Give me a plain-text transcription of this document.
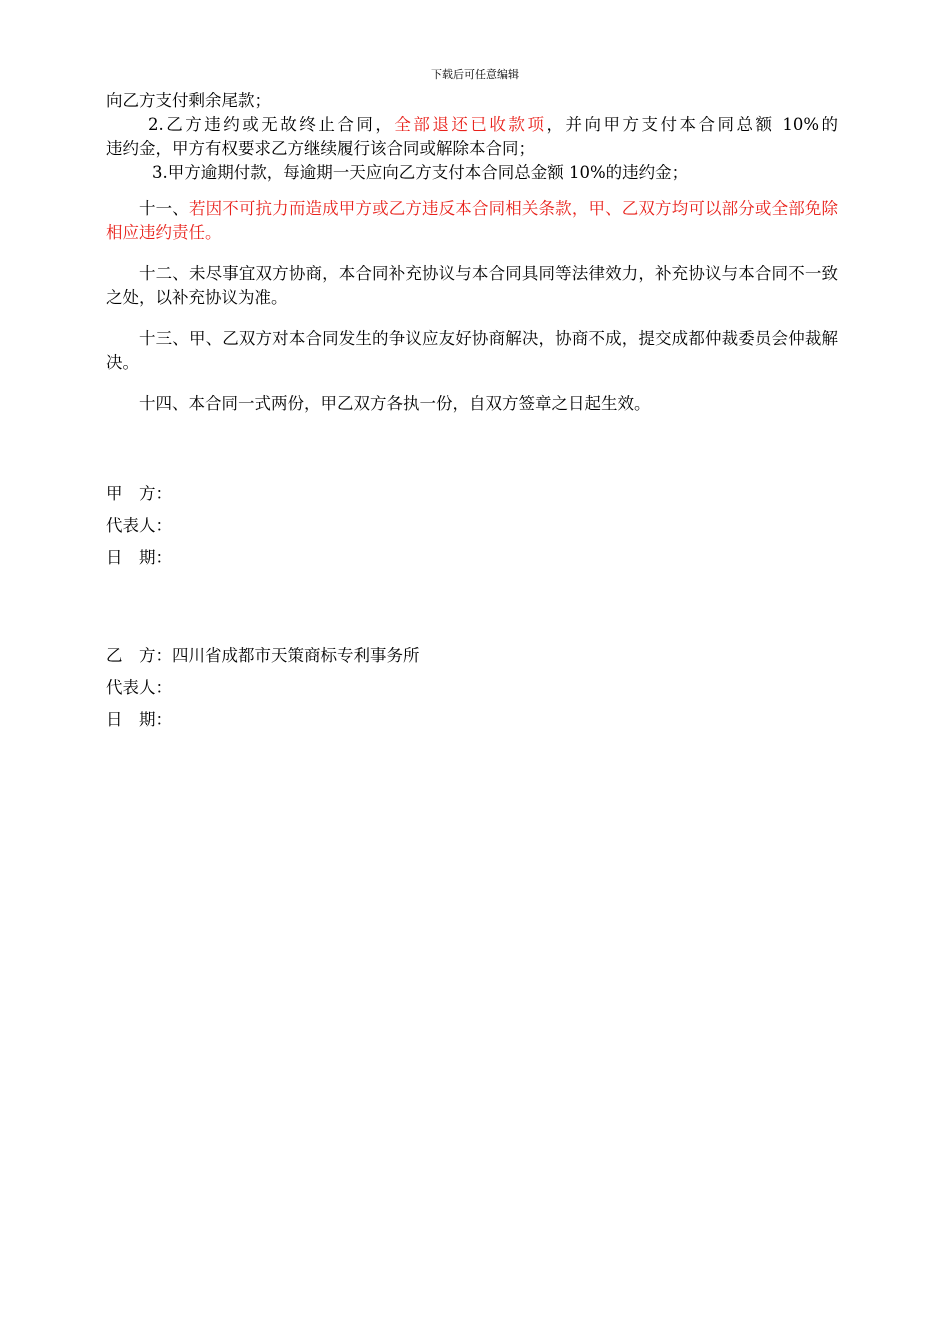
下载后可任意编辑
向乙方支付剩余尾款；
2.乙方违约或无故终止合同，全部退还已收款项，并向甲方支付本合同总额 10%的
违约金，甲方有权要求乙方继续履行该合同或解除本合同；
3.甲方逾期付款，每逾期一天应向乙方支付本合同总金额 10%的违约金；
十一、若因不可抗力而造成甲方或乙方违反本合同相关条款，甲、乙双方均可以部分或全部免除相应违约责任。
十二、未尽事宜双方协商，本合同补充协议与本合同具同等法律效力，补充协议与本合同不一致之处，以补充协议为准。
十三、甲、乙双方对本合同发生的争议应友好协商解决，协商不成，提交成都仲裁委员会仲裁解决。
十四、本合同一式两份，甲乙双方各执一份，自双方签章之日起生效。
甲　方：
代表人：
日　期：
乙　方：四川省成都市天策商标专利事务所
代表人：
日　期：
